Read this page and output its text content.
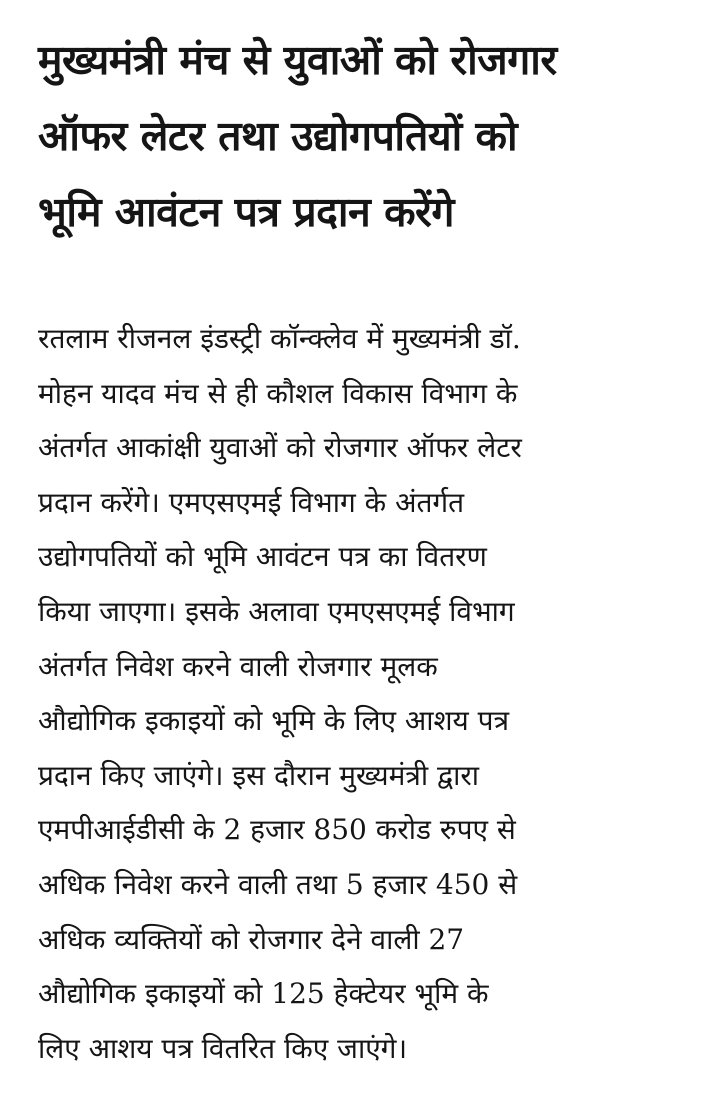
मुख्यमंत्री मंच से युवाओं को रोजगार
ऑफर लेटर तथा उद्योगपतियों को
भूमि आवंटन पत्र प्रदान करेंगे

रतलाम रीजनल इंडस्ट्री कॉन्क्लेव में मुख्यमंत्री डॉ.
मोहन यादव मंच से ही कौशल विकास विभाग के
अंतर्गत आकांक्षी युवाओं को रोजगार ऑफर लेटर
प्रदान करेंगे। एमएसएमई विभाग के अंतर्गत
उद्योगपतियों को भूमि आवंटन पत्र का वितरण
किया जाएगा। इसके अलावा एमएसएमई विभाग
अंतर्गत निवेश करने वाली रोजगार मूलक
औद्योगिक इकाइयों को भूमि के लिए आशय पत्र
प्रदान किए जाएंगे। इस दौरान मुख्यमंत्री द्वारा
एमपीआईडीसी के 2 हजार 850 करोड रुपए से
अधिक निवेश करने वाली तथा 5 हजार 450 से
अधिक व्यक्तियों को रोजगार देने वाली 27
औद्योगिक इकाइयों को 125 हेक्टेयर भूमि के
लिए आशय पत्र वितरित किए जाएंगे।
